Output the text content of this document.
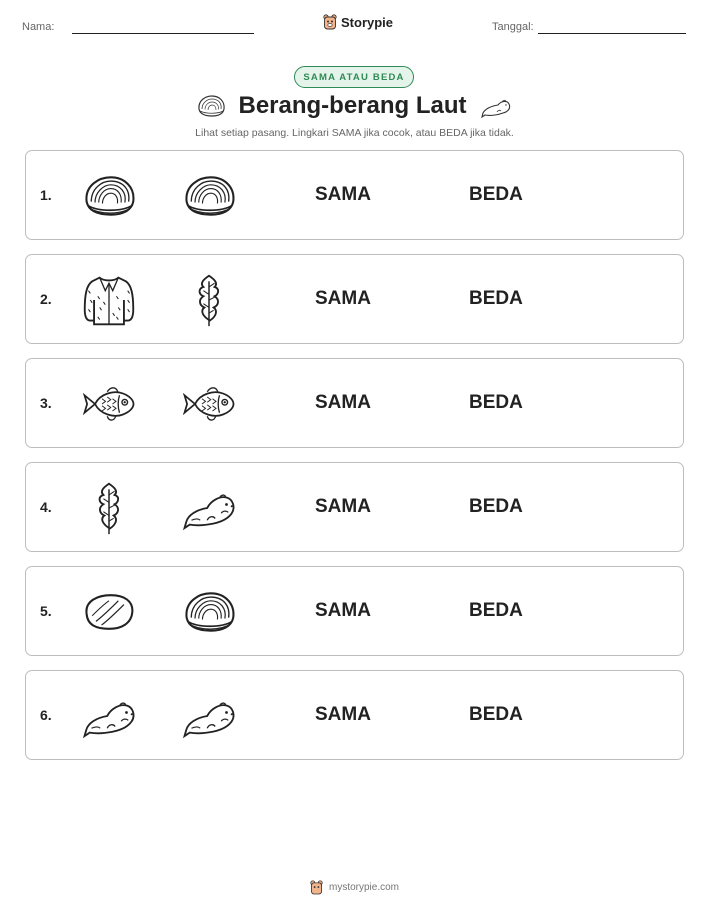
Nama:	Storypie	Tanggal:
SAMA ATAU BEDA
Berang-berang Laut
Lihat setiap pasang. Lingkari SAMA jika cocok, atau BEDA jika tidak.
1.	SAMA	BEDA
2.	SAMA	BEDA
3.	SAMA	BEDA
4.	SAMA	BEDA
5.	SAMA	BEDA
6.	SAMA	BEDA
mystorypie.com
